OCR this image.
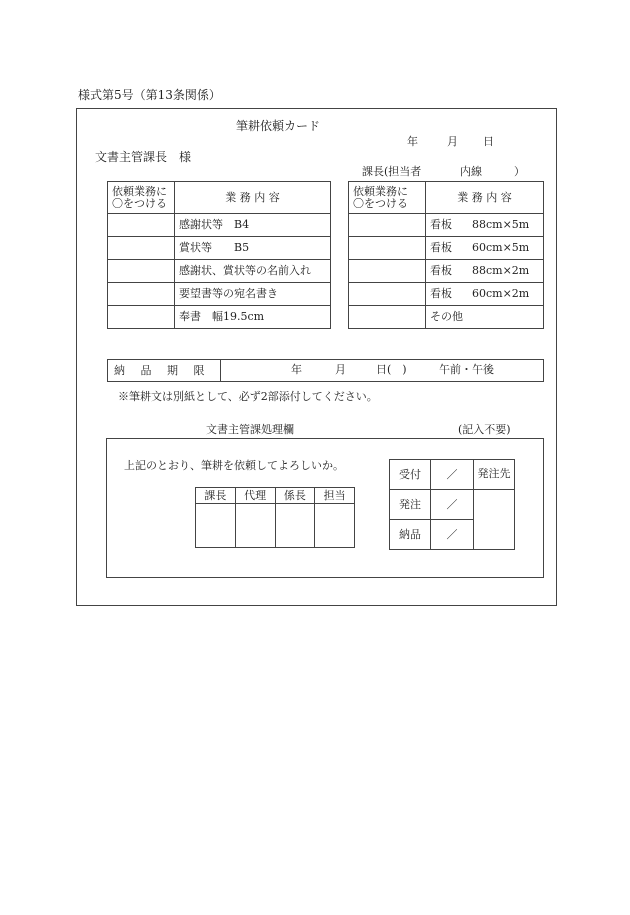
様式第5号（第13条関係）
筆耕依頼カード
年	月 日
文書主管課長　様
課長(担当者	内線	）
依頼業務に
〇をつける	業 務 内 容
	感謝状等　B4
	賞状等　　B5
	感謝状、賞状等の名前入れ
	要望書等の宛名書き
	奉書　幅19.5cm
依頼業務に
〇をつける	業 務 内 容
	看板 88cm×5m
	看板 60cm×5m
	看板 88cm×2m
	看板 60cm×2m
	その他
納 品 期 限	年	月	日(　)	午前・午後
※筆耕文は別紙として、必ず2部添付してください。
文書主管課処理欄	(記入不要)
上記のとおり、筆耕を依頼してよろしいか。
課長	代理	係長	担当

受付	／	発注先
発注	／	
納品	／	
